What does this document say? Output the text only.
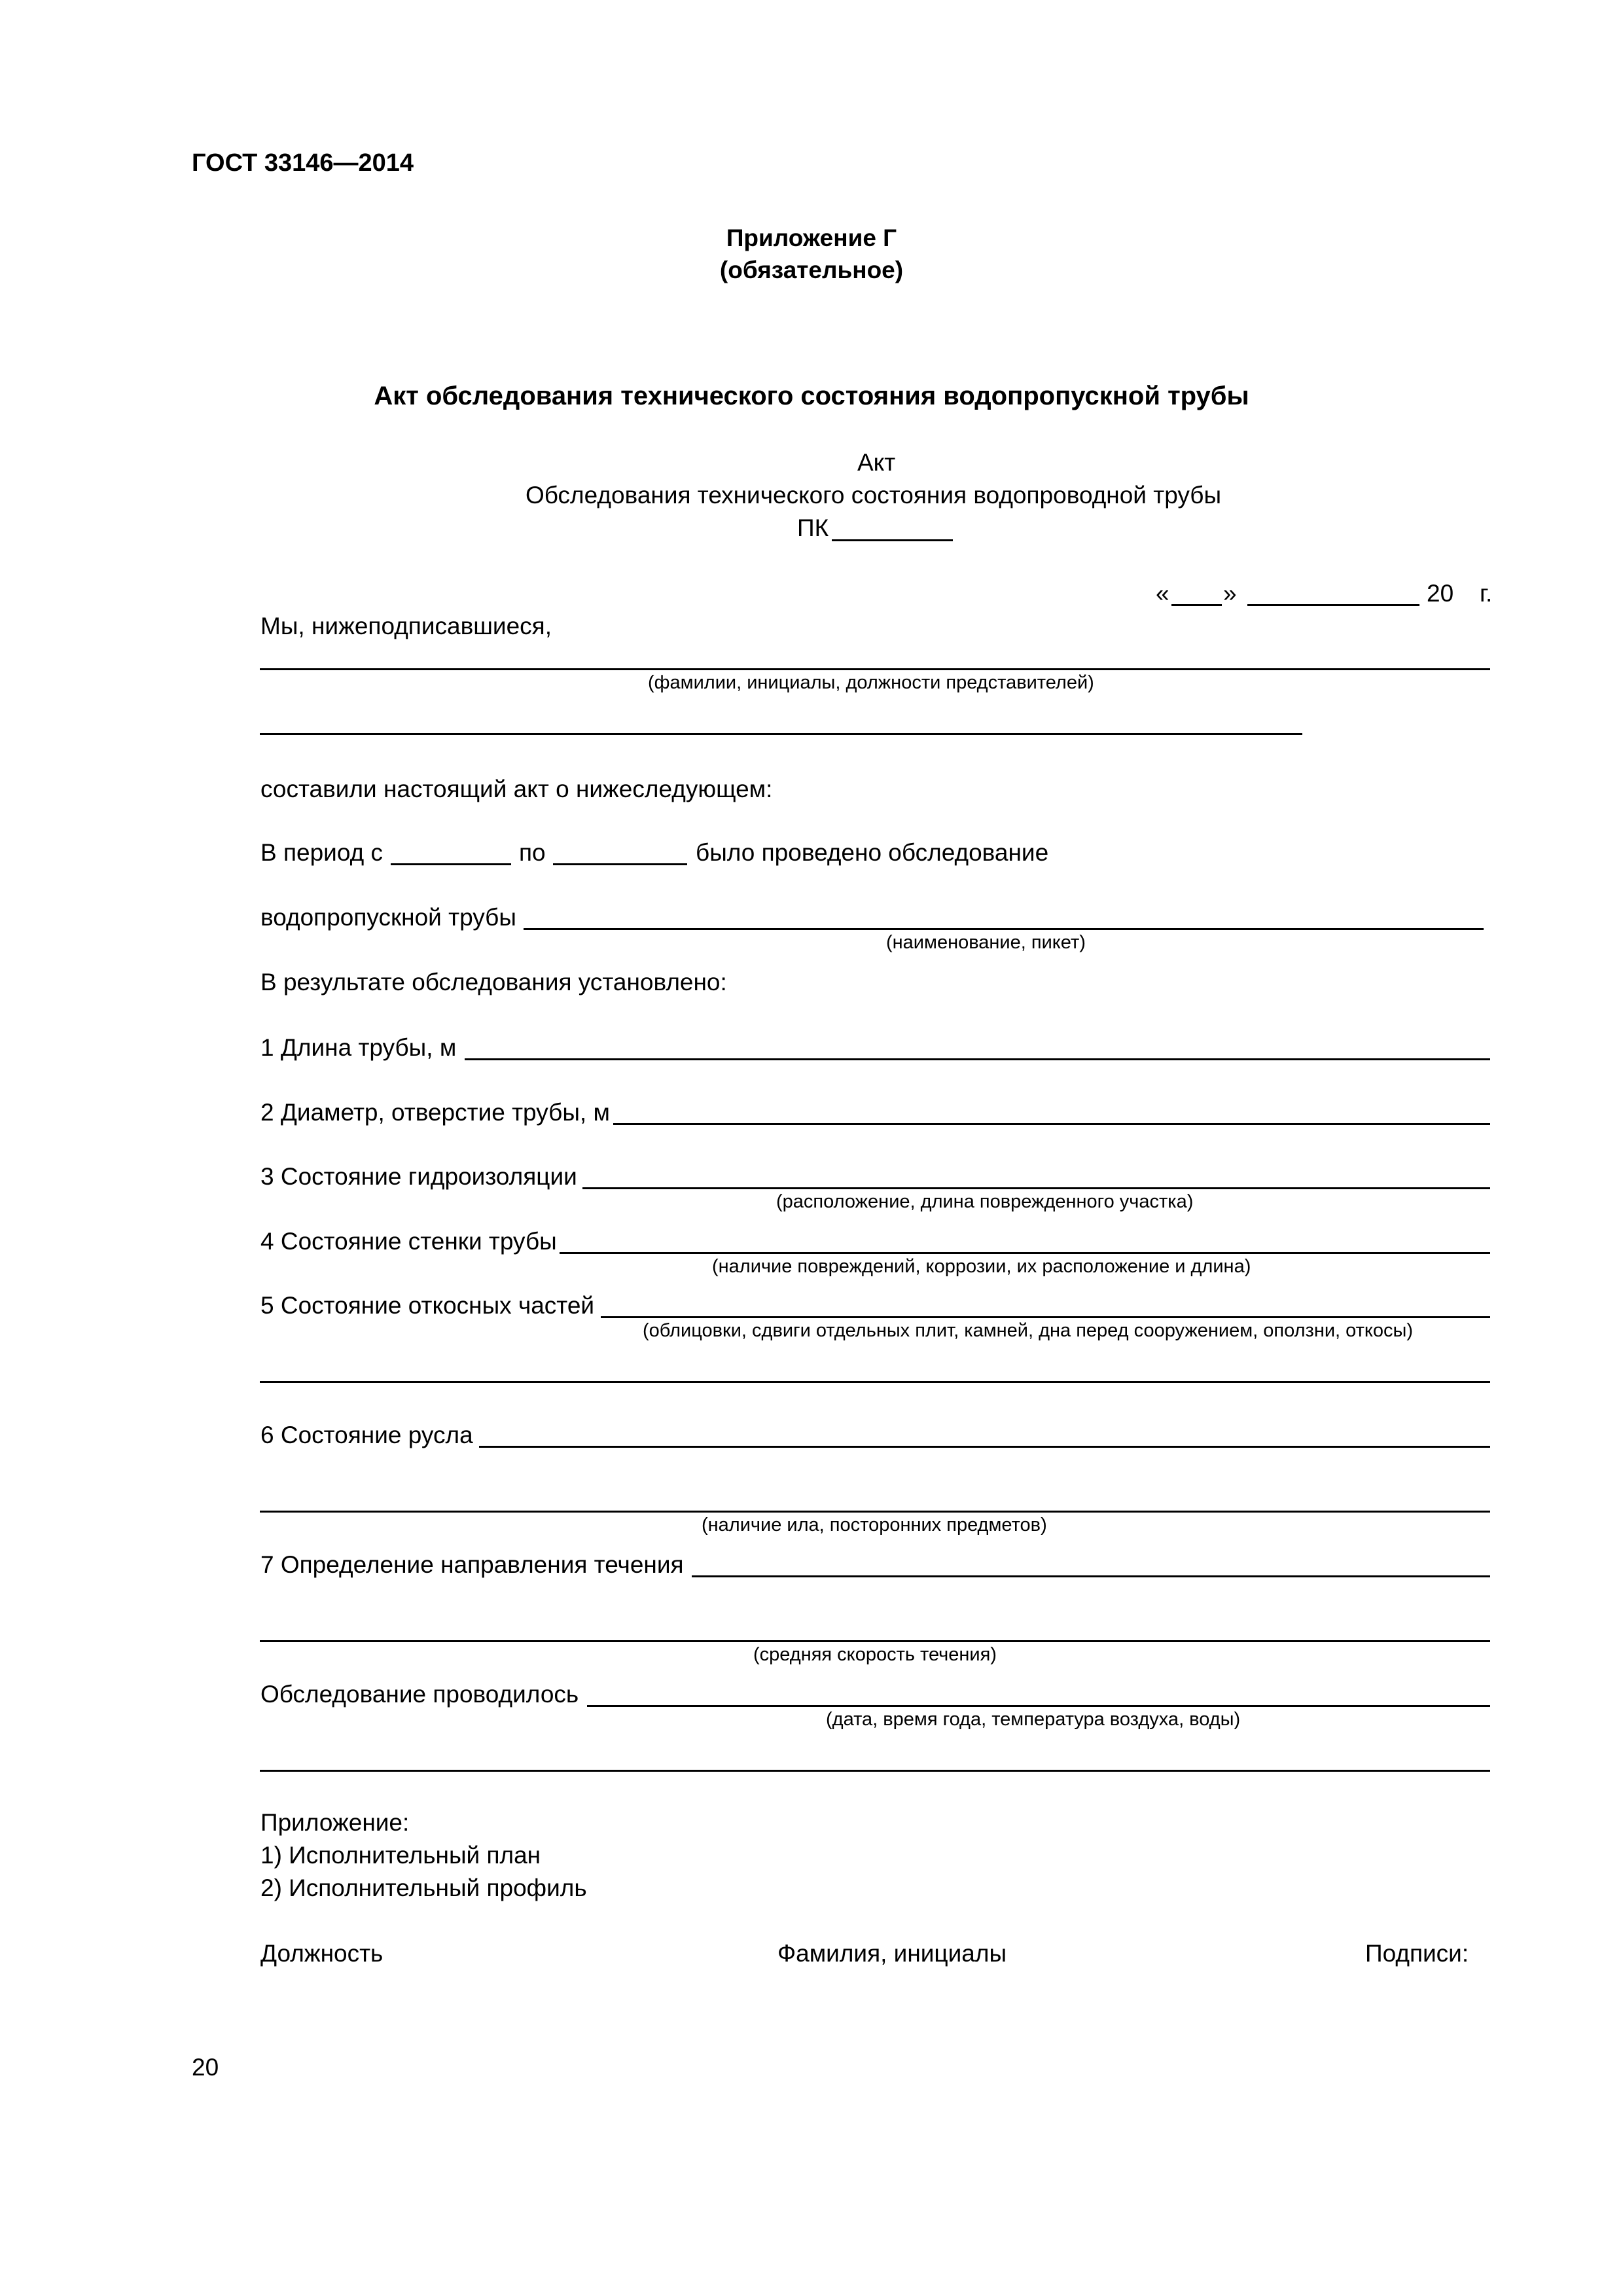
ГОСТ 33146—2014
Приложение Г
(обязательное)
Акт обследования технического состояния водопропускной трубы
Акт
Обследования технического состояния водопроводной трубы
ПК
« »	20 г.
Мы, нижеподписавшиеся,
(фамилии, инициалы, должности представителей)
составили настоящий акт о нижеследующем:
В период с	по	было проведено обследование
водопропускной трубы
(наименование, пикет)
В результате обследования установлено:
1 Длина трубы, м
2 Диаметр, отверстие трубы, м
3 Состояние гидроизоляции
(расположение, длина поврежденного участка)
4 Состояние стенки трубы
(наличие повреждений, коррозии, их расположение и длина)
5 Состояние откосных частей
(облицовки, сдвиги отдельных плит, камней, дна перед сооружением, оползни, откосы)
6 Состояние русла
(наличие ила, посторонних предметов)
7 Определение направления течения
(средняя скорость течения)
Обследование проводилось
(дата, время года, температура воздуха, воды)
Приложение:
1) Исполнительный план
2) Исполнительный профиль
Должность	Фамилия, инициалы	Подписи:
20
